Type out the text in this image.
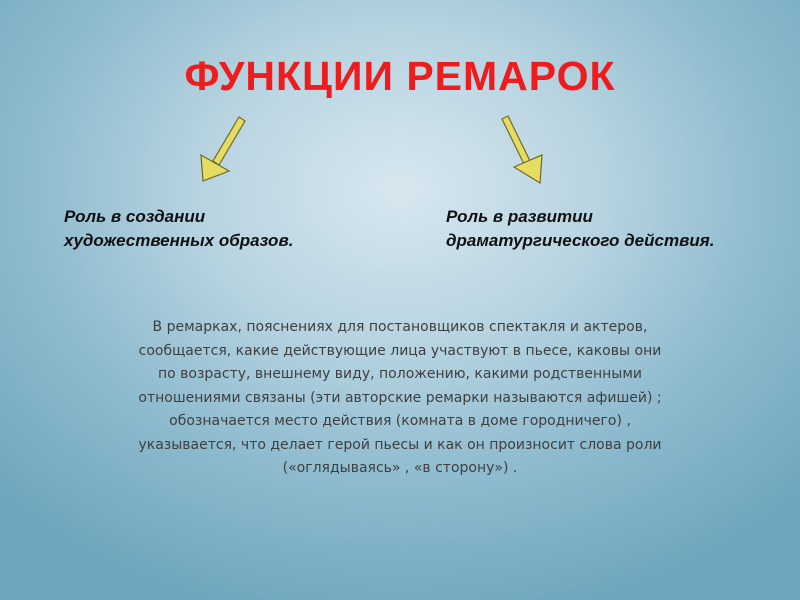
ФУНКЦИИ РЕМАРОК
Роль в создании
художественных образов.
Роль в развитии
драматургического действия.
В ремарках, пояснениях для постановщиков спектакля и актеров,
сообщается, какие действующие лица участвуют в пьесе, каковы они
по возрасту, внешнему виду, положению, какими родственными
отношениями связаны (эти авторские ремарки называются афишей) ;
обозначается место действия (комната в доме городничего) ,
указывается, что делает герой пьесы и как он произносит слова роли
(«оглядываясь» , «в сторону») .
